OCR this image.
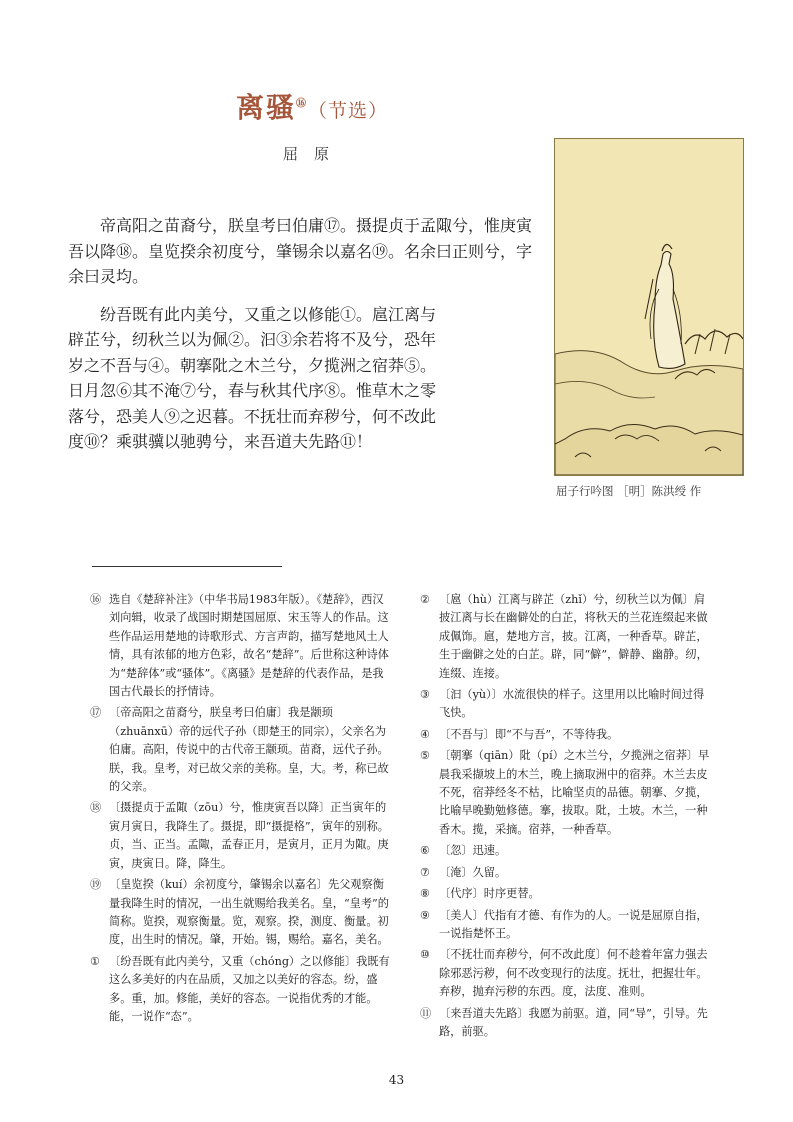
离骚⑯（节选）
屈原

帝高阳之苗裔兮，朕皇考曰伯庸⑰。摄提贞于孟陬兮，惟庚寅吾以降⑱。皇览揆余初度兮，肇锡余以嘉名⑲。名余曰正则兮，字余曰灵均。

纷吾既有此内美兮，又重之以修能①。扈江离与辟芷兮，纫秋兰以为佩②。汩③余若将不及兮，恐年岁之不吾与④。朝搴阰之木兰兮，夕揽洲之宿莽⑤。日月忽⑥其不淹⑦兮，春与秋其代序⑧。惟草木之零落兮，恐美人⑨之迟暮。不抚壮而弃秽兮，何不改此度⑩？乘骐骥以驰骋兮，来吾道夫先路⑪！

屈子行吟图 ［明］陈洪绶 作
⑯ 选自《楚辞补注》（中华书局1983年版）。《楚辞》，西汉刘向辑，收录了战国时期楚国屈原、宋玉等人的作品。这些作品运用楚地的诗歌形式、方言声韵，描写楚地风土人情，具有浓郁的地方色彩，故名“楚辞”。后世称这种诗体为“楚辞体”或“骚体”。《离骚》是楚辞的代表作品，是我国古代最长的抒情诗。
⑰ 〔帝高阳之苗裔兮，朕皇考曰伯庸〕我是颛顼（zhuānxū）帝的远代子孙（即楚王的同宗），父亲名为伯庸。高阳，传说中的古代帝王颛顼。苗裔，远代子孙。朕，我。皇考，对已故父亲的美称。皇，大。考，称已故的父亲。
⑱ 〔摄提贞于孟陬（zōu）兮，惟庚寅吾以降〕正当寅年的寅月寅日，我降生了。摄提，即“摄提格”，寅年的别称。贞，当、正当。孟陬，孟春正月，是寅月，正月为陬。庚寅，庚寅日。降，降生。
⑲ 〔皇览揆（kuí）余初度兮，肇锡余以嘉名〕先父观察衡量我降生时的情况，一出生就赐给我美名。皇，“皇考”的简称。览揆，观察衡量。览，观察。揆，测度、衡量。初度，出生时的情况。肇，开始。锡，赐给。嘉名，美名。
① 〔纷吾既有此内美兮，又重（chóng）之以修能〕我既有这么多美好的内在品质，又加之以美好的容态。纷，盛多。重，加。修能，美好的容态。一说指优秀的才能。能，一说作“态”。
② 〔扈（hù）江离与辟芷（zhǐ）兮，纫秋兰以为佩〕肩披江离与长在幽僻处的白芷，将秋天的兰花连缀起来做成佩饰。扈，楚地方言，披。江离，一种香草。辟芷，生于幽僻之处的白芷。辟，同“僻”，僻静、幽静。纫，连缀、连接。
③ 〔汩（yù）〕水流很快的样子。这里用以比喻时间过得飞快。
④ 〔不吾与〕即“不与吾”，不等待我。
⑤ 〔朝搴（qiān）阰（pí）之木兰兮，夕揽洲之宿莽〕早晨我采撷坡上的木兰，晚上摘取洲中的宿莽。木兰去皮不死，宿莽经冬不枯，比喻坚贞的品德。朝搴、夕揽，比喻早晚勤勉修德。搴，拔取。阰，土坡。木兰，一种香木。揽，采摘。宿莽，一种香草。
⑥ 〔忽〕迅速。
⑦ 〔淹〕久留。
⑧ 〔代序〕时序更替。
⑨ 〔美人〕代指有才德、有作为的人。一说是屈原自指，一说指楚怀王。
⑩ 〔不抚壮而弃秽兮，何不改此度〕何不趁着年富力强去除邪恶污秽，何不改变现行的法度。抚壮，把握壮年。弃秽，抛弃污秽的东西。度，法度、准则。
⑪ 〔来吾道夫先路〕我愿为前驱。道，同“导”，引导。先路，前驱。
43
